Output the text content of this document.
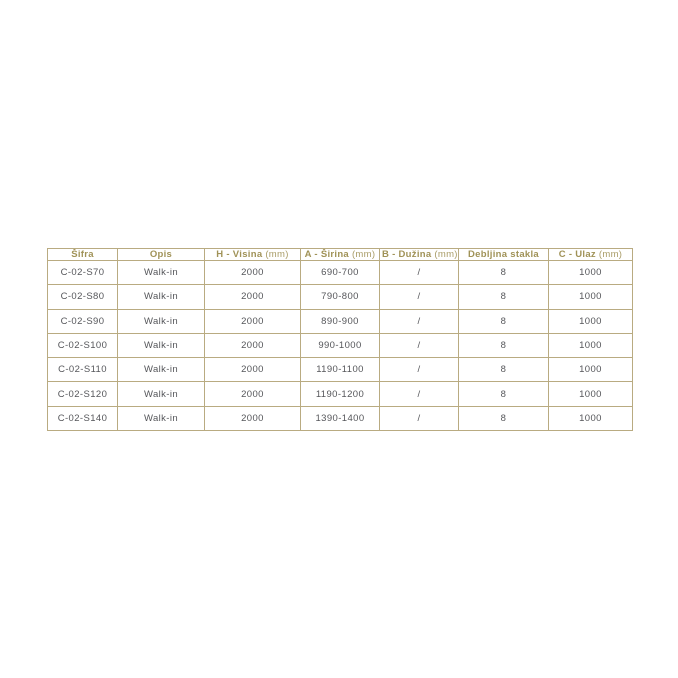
Šifra	Opis	H - Visina (mm)	A - Širina (mm)	B - Dužina (mm)	Debljina stakla	C - Ulaz (mm)
C-02-S70	Walk-in	2000	690-700	/	8	1000
C-02-S80	Walk-in	2000	790-800	/	8	1000
C-02-S90	Walk-in	2000	890-900	/	8	1000
C-02-S100	Walk-in	2000	990-1000	/	8	1000
C-02-S110	Walk-in	2000	1190-1100	/	8	1000
C-02-S120	Walk-in	2000	1190-1200	/	8	1000
C-02-S140	Walk-in	2000	1390-1400	/	8	1000
